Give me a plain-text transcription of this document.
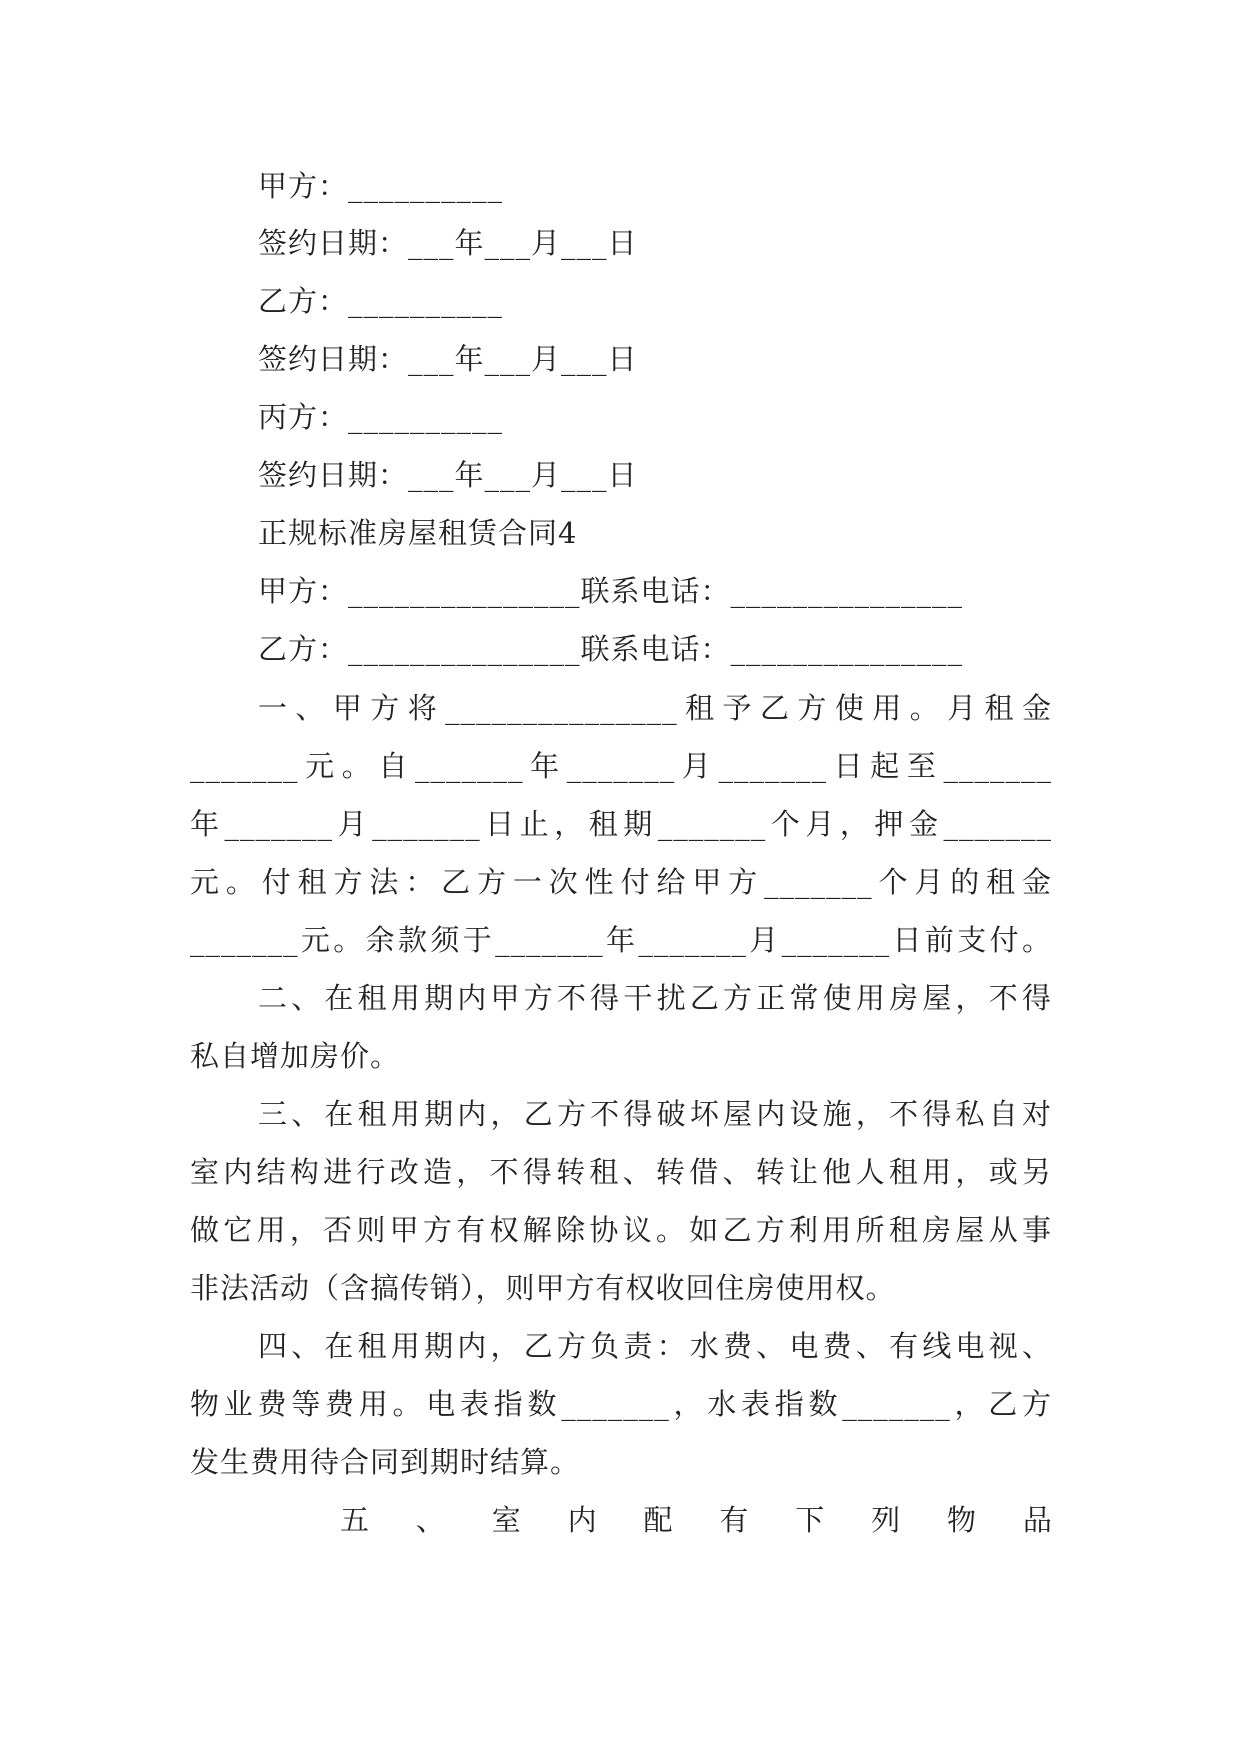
甲方：__________
签约日期：___年___月___日
乙方：__________
签约日期：___年___月___日
丙方：__________
签约日期：___年___月___日
正规标准房屋租赁合同4
甲方：_______________联系电话：_______________
乙方：_______________联系电话：_______________
一、甲方将_______________租予乙方使用。月租金
_______元。自_______年_______月_______日起至_______
年_______月_______日止，租期_______个月，押金_______
元。付租方法：乙方一次性付给甲方_______个月的租金
_______元。余款须于_______年_______月_______日前支付。
二、在租用期内甲方不得干扰乙方正常使用房屋，不得
私自增加房价。
三、在租用期内，乙方不得破坏屋内设施，不得私自对
室内结构进行改造，不得转租、转借、转让他人租用，或另
做它用，否则甲方有权解除协议。如乙方利用所租房屋从事
非法活动（含搞传销），则甲方有权收回住房使用权。
四、在租用期内，乙方负责：水费、电费、有线电视、
物业费等费用。电表指数_______，水表指数_______，乙方
发生费用待合同到期时结算。
五 、 室 内 配 有 下 列 物 品
